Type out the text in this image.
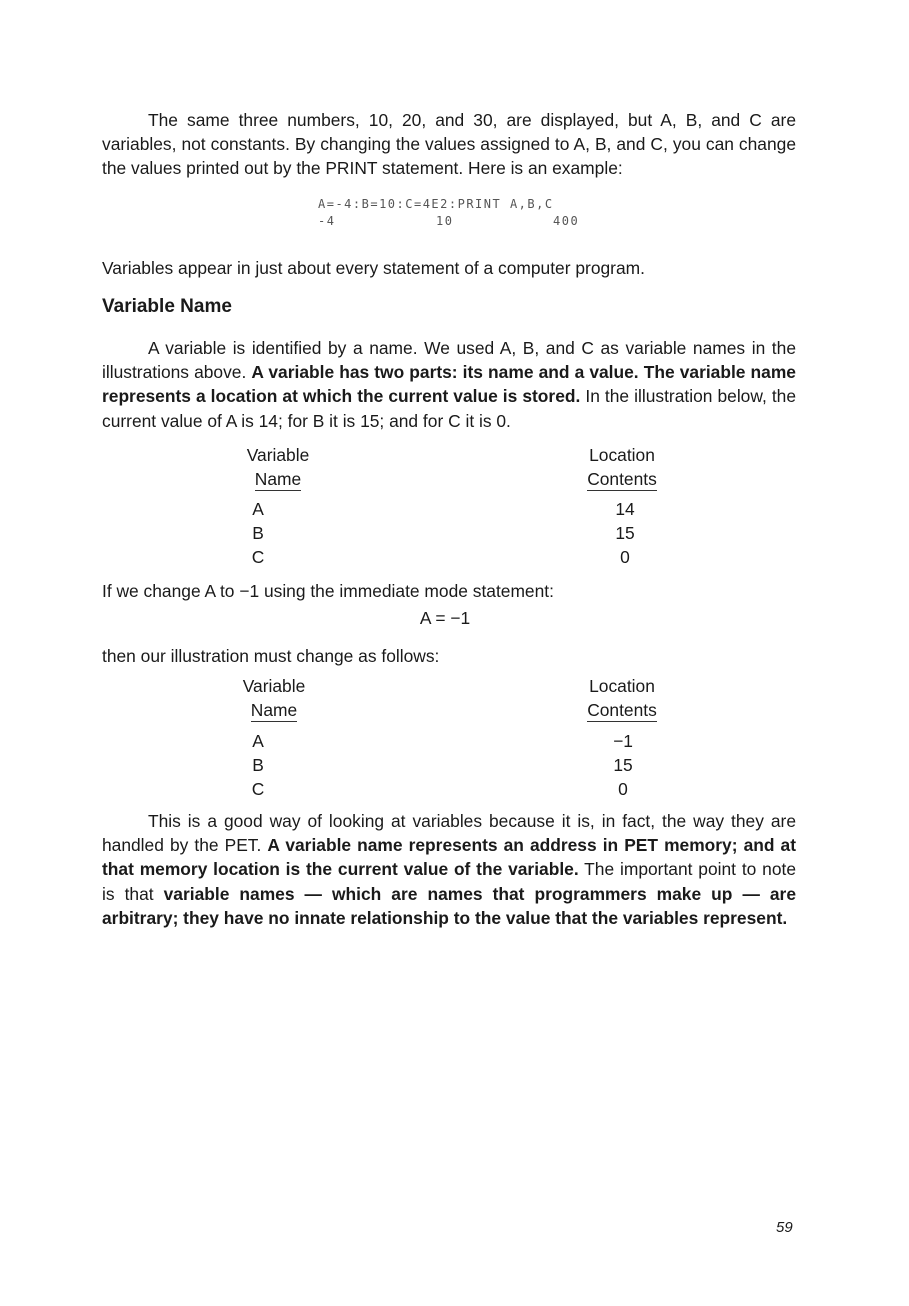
The same three numbers, 10, 20, and 30, are displayed, but A, B, and C are variables, not constants. By changing the values assigned to A, B, and C, you can change the values printed out by the PRINT statement. Here is an example:

A=-4:B=10:C=4E2:PRINT A,B,C
-4	10	400

Variables appear in just about every statement of a computer program.

Variable Name

A variable is identified by a name. We used A, B, and C as variable names in the illustrations above. A variable has two parts: its name and a value. The variable name represents a location at which the current value is stored. In the illustration below, the current value of A is 14; for B it is 15; and for C it is 0.

Variable
Name
Location
Contents
A
B
C
14
15
0

If we change A to −1 using the immediate mode statement:

A = −1

then our illustration must change as follows:

Variable
Name
Location
Contents
A
B
C
−1
15
0

This is a good way of looking at variables because it is, in fact, the way they are handled by the PET. A variable name represents an address in PET memory; and at that memory location is the current value of the variable. The important point to note is that variable names — which are names that programmers make up — are arbitrary; they have no innate relationship to the value that the variables represent.

59
